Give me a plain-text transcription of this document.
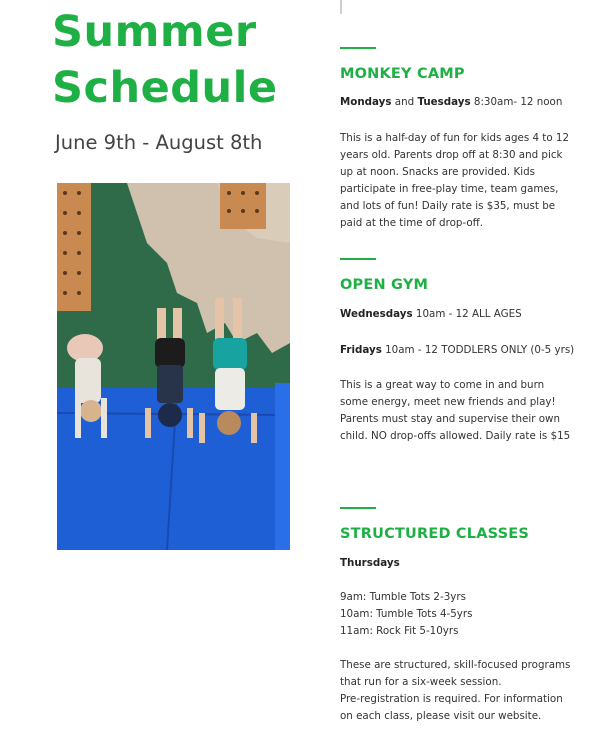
Summer
Schedule
June 9th - August 8th
MONKEY CAMP
Mondays and Tuesdays 8:30am- 12 noon
This is a half-day of fun for kids ages 4 to 12
years old. Parents drop off at 8:30 and pick
up at noon. Snacks are provided. Kids
participate in free-play time, team games,
and lots of fun! Daily rate is $35, must be
paid at the time of drop-off.
OPEN GYM
Wednesdays 10am - 12 ALL AGES
Fridays 10am - 12 TODDLERS ONLY (0-5 yrs)
This is a great way to come in and burn
some energy, meet new friends and play!
Parents must stay and supervise their own
child. NO drop-offs allowed. Daily rate is $15
STRUCTURED CLASSES
Thursdays
9am: Tumble Tots 2-3yrs
10am: Tumble Tots 4-5yrs
11am: Rock Fit 5-10yrs
These are structured, skill-focused programs
that run for a six-week session.
Pre-registration is required. For information
on each class, please visit our website.
